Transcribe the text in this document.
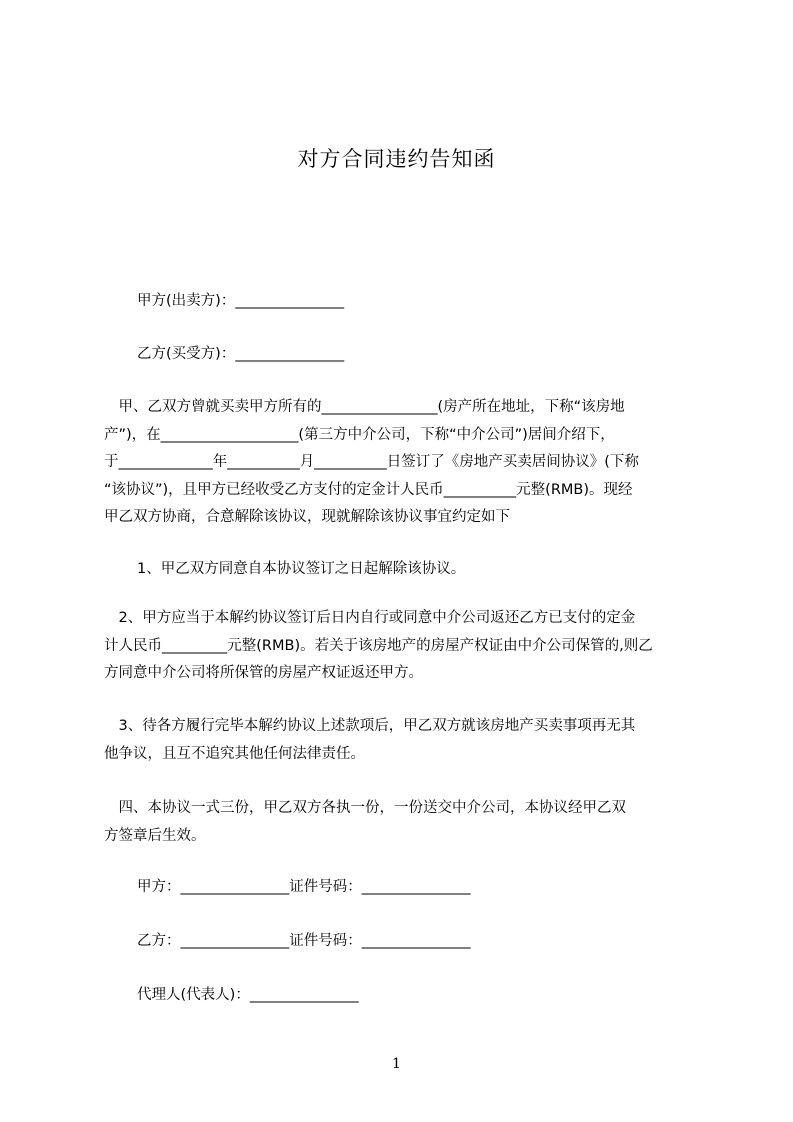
对方合同违约告知函
甲方(出卖方)：_______________
乙方(买受方)：_______________
　甲、乙双方曾就买卖甲方所有的________________(房产所在地址，下称“该房地
产”)，在___________________(第三方中介公司，下称“中介公司”)居间介绍下，
于_____________年__________月__________日签订了《房地产买卖居间协议》(下称
“该协议”)，且甲方已经收受乙方支付的定金计人民币__________元整(RMB)。现经
甲乙双方协商，合意解除该协议，现就解除该协议事宜约定如下
1、甲乙双方同意自本协议签订之日起解除该协议。
　2、甲方应当于本解约协议签订后日内自行或同意中介公司返还乙方已支付的定金
计人民币_________元整(RMB)。若关于该房地产的房屋产权证由中介公司保管的,则乙
方同意中介公司将所保管的房屋产权证返还甲方。
　3、待各方履行完毕本解约协议上述款项后，甲乙双方就该房地产买卖事项再无其
他争议，且互不追究其他任何法律责任。
　四、本协议一式三份，甲乙双方各执一份，一份送交中介公司，本协议经甲乙双
方签章后生效。
甲方：_______________证件号码：_______________
乙方：_______________证件号码：_______________
代理人(代表人)：_______________
1
